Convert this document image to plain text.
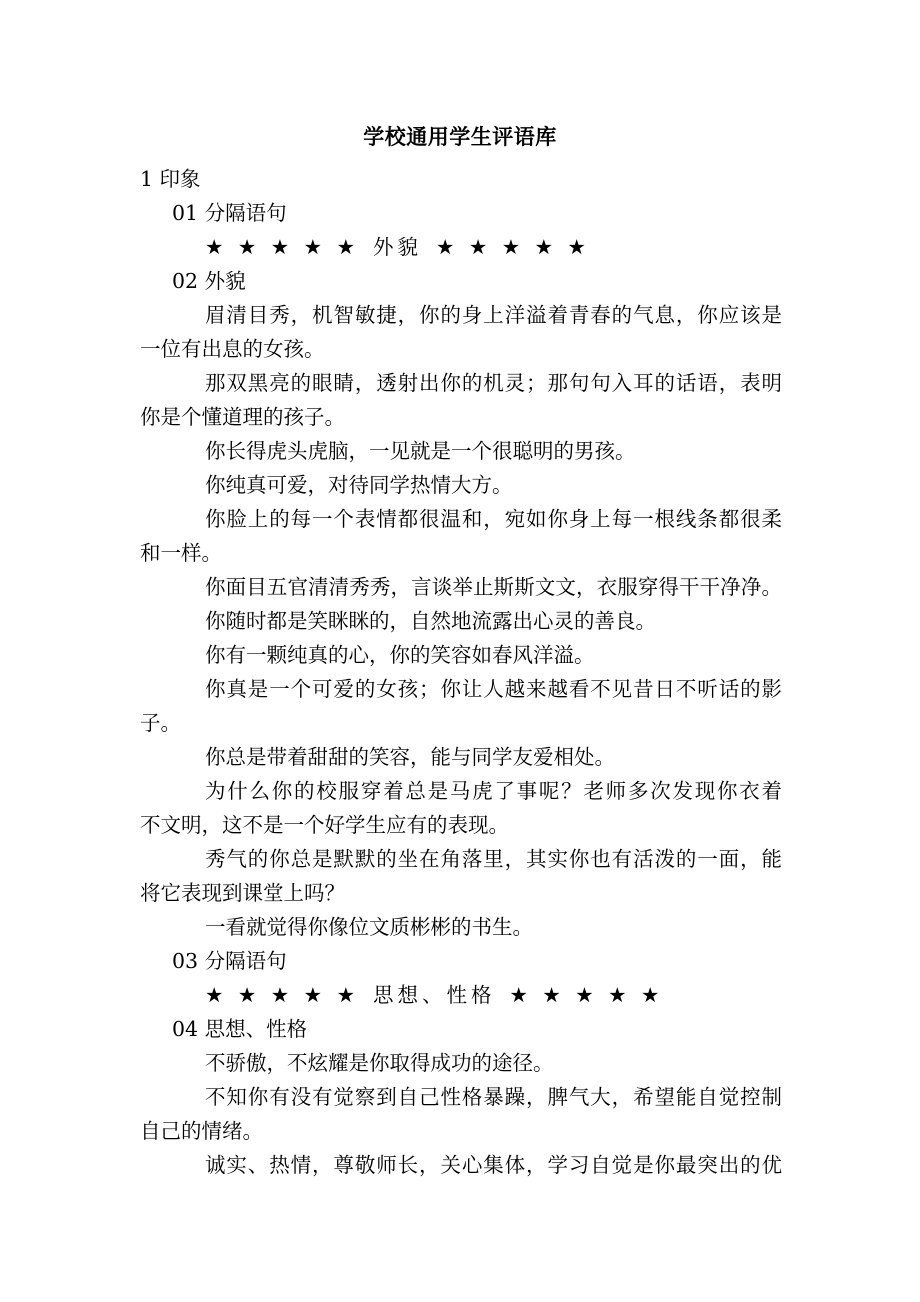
学校通用学生评语库
1 印象
01 分隔语句
★ ★ ★ ★ ★ 外貌 ★ ★ ★ ★ ★
02 外貌
眉清目秀，机智敏捷，你的身上洋溢着青春的气息，你应该是
一位有出息的女孩。
那双黑亮的眼睛，透射出你的机灵；那句句入耳的话语，表明
你是个懂道理的孩子。
你长得虎头虎脑，一见就是一个很聪明的男孩。
你纯真可爱，对待同学热情大方。
你脸上的每一个表情都很温和，宛如你身上每一根线条都很柔
和一样。
你面目五官清清秀秀，言谈举止斯斯文文，衣服穿得干干净净。
你随时都是笑眯眯的，自然地流露出心灵的善良。
你有一颗纯真的心，你的笑容如春风洋溢。
你真是一个可爱的女孩；你让人越来越看不见昔日不听话的影
子。
你总是带着甜甜的笑容，能与同学友爱相处。
为什么你的校服穿着总是马虎了事呢？老师多次发现你衣着
不文明，这不是一个好学生应有的表现。
秀气的你总是默默的坐在角落里，其实你也有活泼的一面，能
将它表现到课堂上吗？
一看就觉得你像位文质彬彬的书生。
03 分隔语句
★ ★ ★ ★ ★ 思想、性格 ★ ★ ★ ★ ★
04 思想、性格
不骄傲，不炫耀是你取得成功的途径。
不知你有没有觉察到自己性格暴躁，脾气大，希望能自觉控制
自己的情绪。
诚实、热情，尊敬师长，关心集体，学习自觉是你最突出的优
